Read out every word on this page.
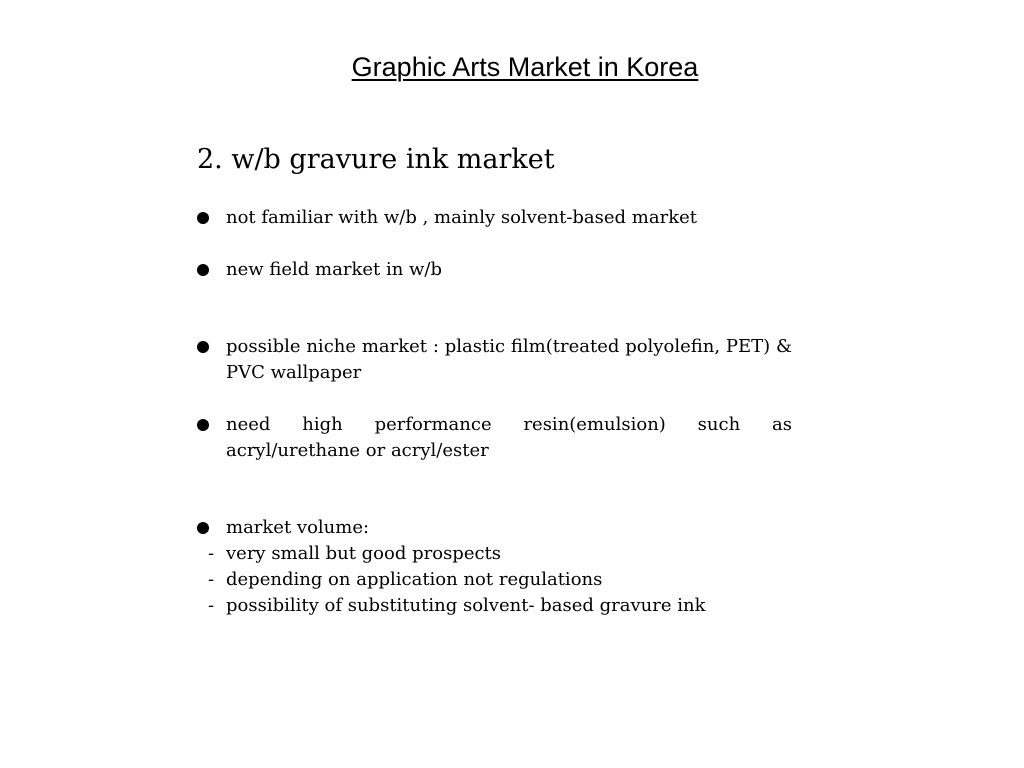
Graphic Arts Market in Korea
2. w/b gravure ink market
not familiar with w/b , mainly solvent-based market
new field market in w/b
possible niche market : plastic film(treated polyolefin, PET) & PVC wallpaper
need high performance resin(emulsion) such as acryl/urethane or acryl/ester
market volume:
- very small but good prospects
- depending on application not regulations
- possibility of substituting solvent- based gravure ink
